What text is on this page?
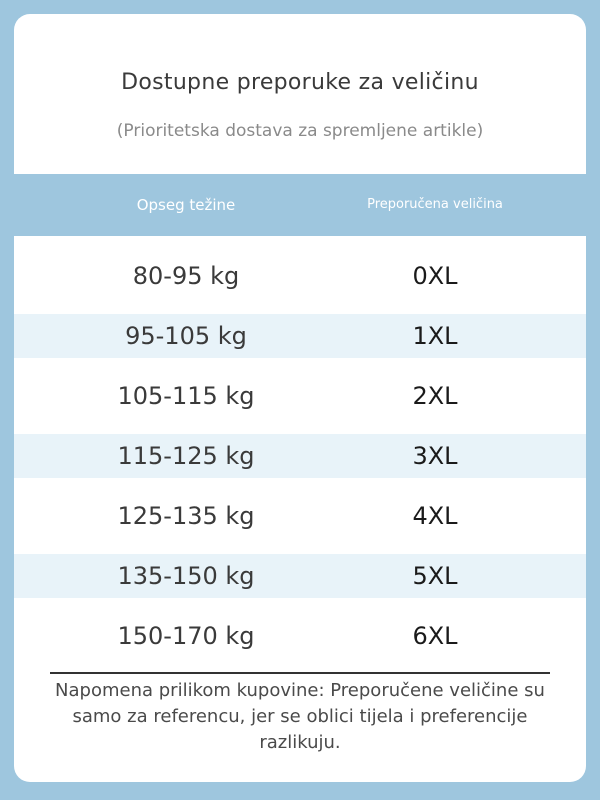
Dostupne preporuke za veličinu
(Prioritetska dostava za spremljene artikle)
Opseg težine	Preporučena veličina
80-95 kg	0XL
95-105 kg	1XL
105-115 kg	2XL
115-125 kg	3XL
125-135 kg	4XL
135-150 kg	5XL
150-170 kg	6XL
Napomena prilikom kupovine: Preporučene veličine su samo za referencu, jer se oblici tijela i preferencije razlikuju.
